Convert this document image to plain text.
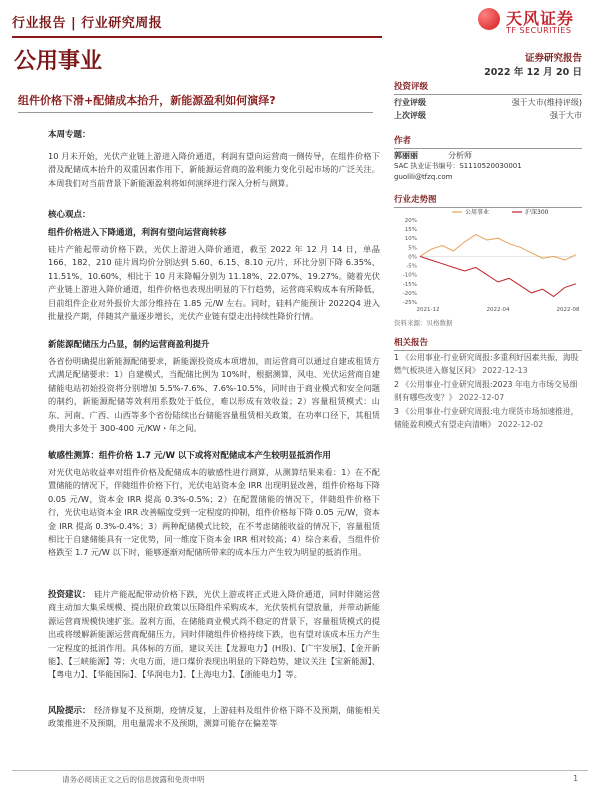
行业报告 | 行业研究周报
公用事业
天风证券
TF SECURITIES
证券研究报告
2022 年 12 月 20 日
组件价格下滑+配储成本抬升，新能源盈利如何演绎?
本周专题：

10 月末开始，光伏产业链上游进入降价通道，利润有望向运营商一侧传导，在组件价格下滑及配储成本抬升的双重因素作用下，新能源运营商的盈利能力变化引起市场的广泛关注。本周我们对当前背景下新能源盈利将如何演绎进行深入分析与测算。

核心观点：
组件价格进入下降通道，利润有望向运营商转移

硅片产能起带动价格下跌，光伏上游进入降价通道，截至 2022 年 12 月 14 日，单晶 166、182、210 硅片周均价分别达到 5.60、6.15、8.10 元/片，环比分别下降 6.35%、11.51%、10.60%，相比于 10 月末降幅分别为 11.18%、22.07%、19.27%。随着光伏产业链上游进入降价通道，组件价格也表现出明显的下行趋势，运营商采购成本有所降低，目前组件企业对外报价大部分维持在 1.85 元/W 左右。同时，硅料产能预计 2022Q4 进入批量投产期，伴随其产量逐步增长，光伏产业链有望走出持续性降价行情。

新能源配储压力凸显，制约运营商盈利提升

各省份明确提出新能源配储要求，新能源投资成本项增加，而运营商可以通过自建或租赁方式满足配储要求：1）自建模式，当配储比例为 10%时，根据测算，风电、光伏运营商自建储能电站初始投资将分别增加 5.5%-7.6%、7.6%-10.5%，同时由于商业模式和安全问题的制约，新能源配储等效利用系数处于低位，难以形成有效收益；2）容量租赁模式：山东、河南、广西、山西等多个省份陆续出台储能容量租赁相关政策，在功率口径下，其租赁费用大多处于 300-400 元/KW・年之间。

敏感性测算：组件价格 1.7 元/W 以下或将对配储成本产生较明显抵消作用

对光伏电站收益率对组件价格及配储成本的敏感性进行测算，从测算结果来看：1）在不配置储能的情况下，伴随组件价格下行，光伏电站资本金 IRR 出现明显改善，组件价格每下降 0.05 元/W，资本金 IRR 提高 0.3%-0.5%；2）在配置储能的情况下，伴随组件价格下行，光伏电站资本金 IRR 改善幅度受到一定程度的抑制，组件价格每下降 0.05 元/W，资本金 IRR 提高 0.3%-0.4%；3）两种配储模式比较，在不考虑储能收益的情况下，容量租赁相比于自建储能具有一定优势，同一维度下资本金 IRR 相对较高；4）综合来看，当组件价格跌至 1.7 元/W 以下时，能够逐渐对配储所带来的成本压力产生较为明显的抵消作用。

投资建议： 硅片产能起配带动价格下跌，光伏上游或将正式进入降价通道，同时伴随运营商主动加大集采规模、提出限价政策以压降组件采购成本，光伏装机有望放量，并带动新能源运营商规模快速扩张。盈利方面，在储能商业模式尚不稳定的背景下，容量租赁模式的提出或将缓解新能源运营商配储压力，同时伴随组件价格持续下跌，也有望对该成本压力产生一定程度的抵消作用。具体标的方面，建议关注【龙源电力】(H股)、【广宇发展】、【金开新能】、【三峡能源】等；火电方面，进口煤价表现出明显的下降趋势，建议关注【宝新能源】、【粤电力】、【华能国际】、【华润电力】、【上海电力】、【浙能电力】等。

风险提示： 经济修复不及预期，疫情反复，上游硅料及组件价格下降不及预期，储能相关政策推进不及预期，用电量需求不及预期，测算可能存在偏差等

投资评级
行业评级	强于大市(维持评级)
上次评级	强于大市
作者
郭丽丽	分析师
SAC 执业证书编号：S1110520030001
guolili@tfzq.com
行业走势图
20%
15%
10%
5%
0%
-5%
-10%
-15%
-20%
-25%
公用事业	沪深300
2021-12	2022-04	2022-08
资料来源：贝格数据
相关报告
1 《公用事业-行业研究周报:多重利好因素共振，海股燃气板块进入修复区间》 2022-12-13
2 《公用事业-行业研究周报:2023 年电力市场交易细则有哪些改变？》 2022-12-07
3 《公用事业-行业研究周报:电力现货市场加速推进，储能盈利模式有望走向清晰》 2022-12-02
请务必阅读正文之后的信息披露和免责申明	1
